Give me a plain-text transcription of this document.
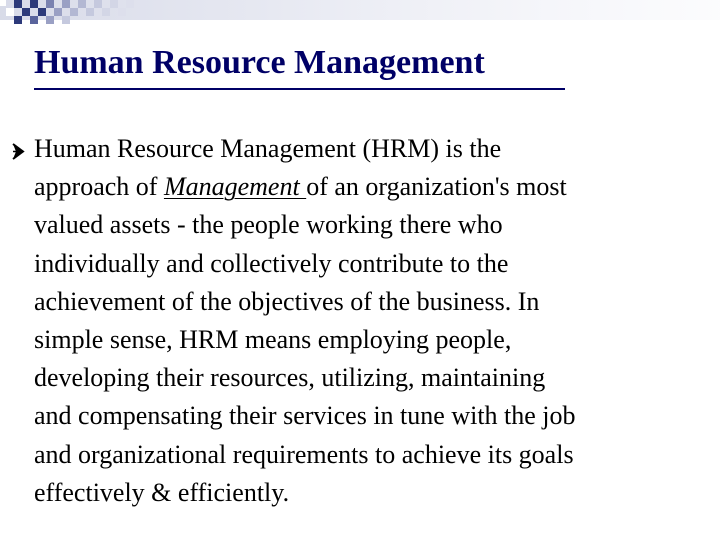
Human Resource Management

Human Resource Management (HRM) is the
approach of Management of an organization's most
valued assets - the people working there who
individually and collectively contribute to the
achievement of the objectives of the business. In
simple sense, HRM means employing people,
developing their resources, utilizing, maintaining
and compensating their services in tune with the job
and organizational requirements to achieve its goals
effectively & efficiently.
